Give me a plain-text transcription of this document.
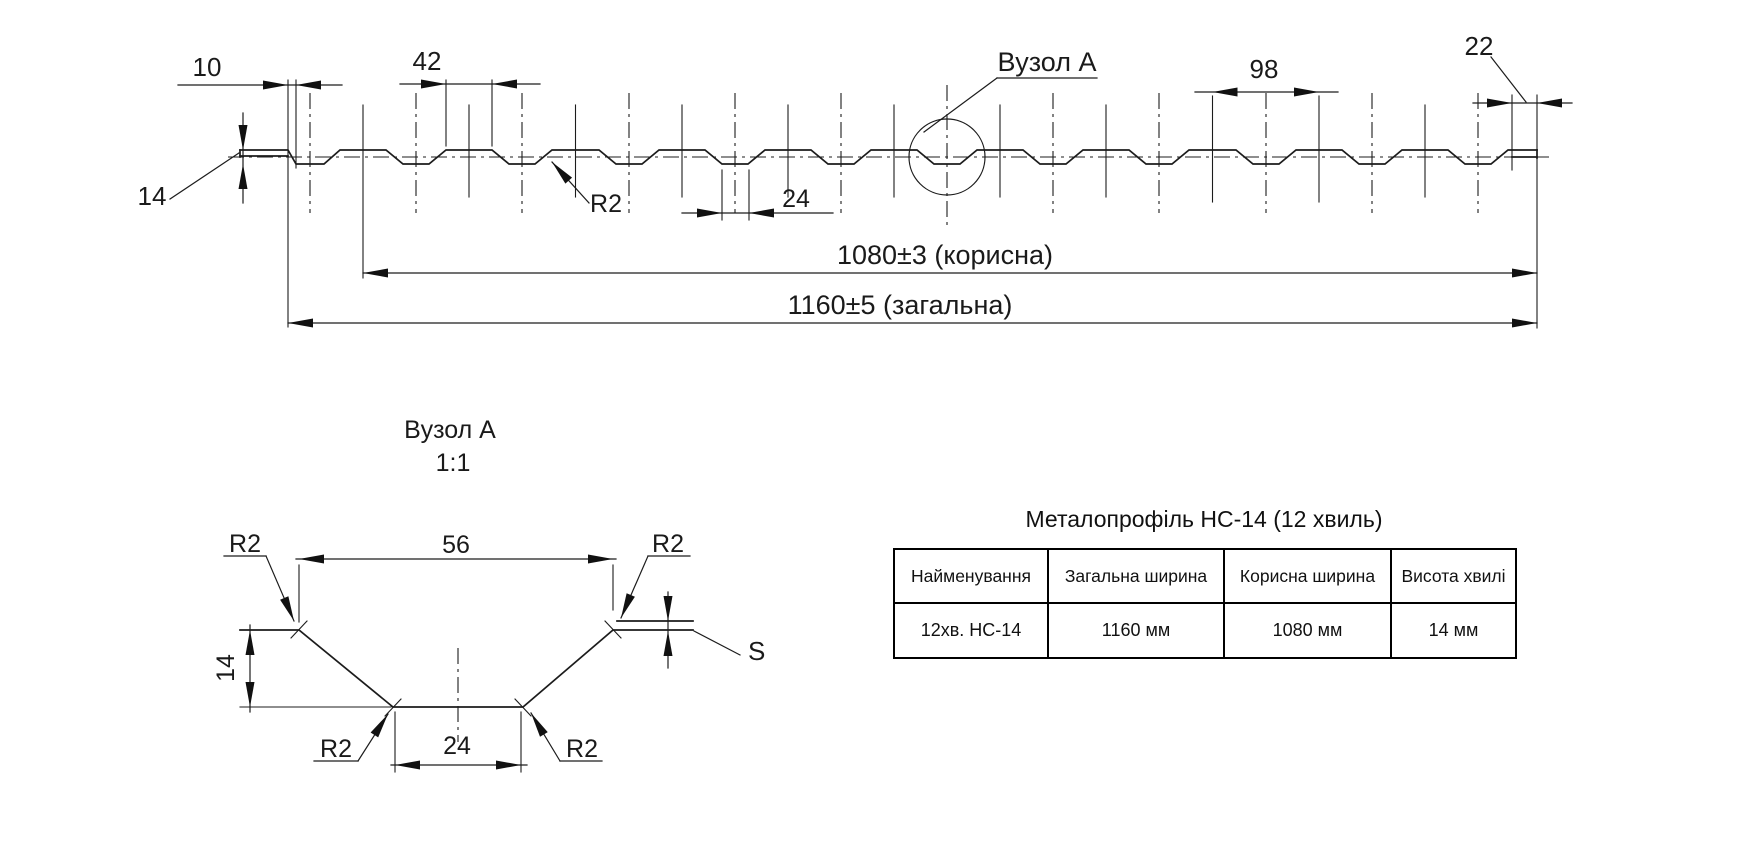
10	42	98
22
14	24
R2
Вузол А
1080±3 (корисна)
1160±5 (загальна)
Вузол А
1:1
56
R2	R2
14
24
R2	R2
S
Металопрофіль НС-14 (12 хвиль)
Найменування	Загальна ширина	Корисна ширина	Висота хвилі
12хв. НС-14	1160 мм	1080 мм	14 мм
